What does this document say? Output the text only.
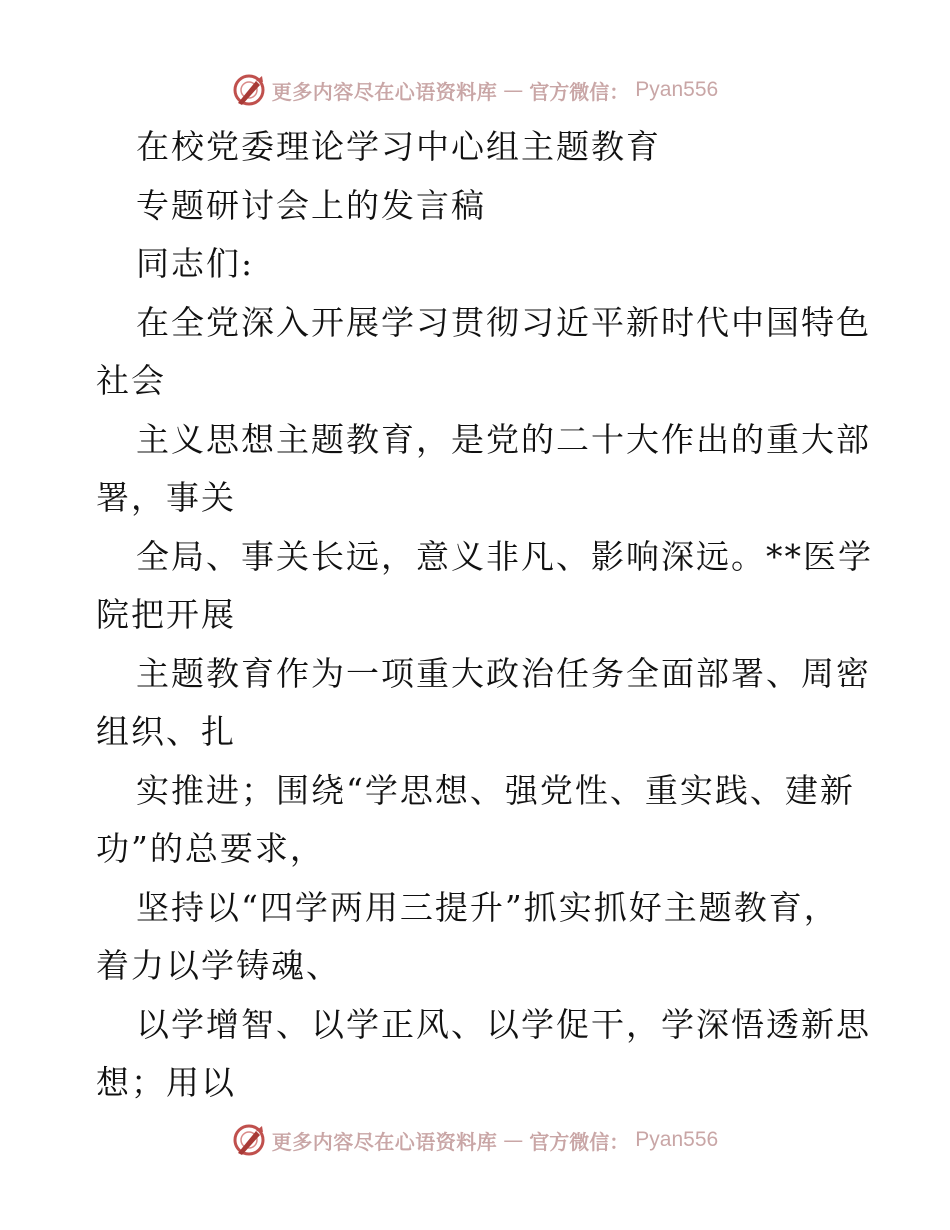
更多内容尽在心语资料库 — 官方微信： Pyan556
在校党委理论学习中心组主题教育
专题研讨会上的发言稿
同志们:
在全党深入开展学习贯彻习近平新时代中国特色
社会
主义思想主题教育，是党的二十大作出的重大部
署，事关
全局、事关长远，意义非凡、影响深远。**医学
院把开展
主题教育作为一项重大政治任务全面部署、周密
组织、扎
实推进；围绕“学思想、强党性、重实践、建新
功”的总要求，
坚持以“四学两用三提升”抓实抓好主题教育，
着力以学铸魂、
以学增智、以学正风、以学促干，学深悟透新思
想；用以
更多内容尽在心语资料库 — 官方微信： Pyan556
